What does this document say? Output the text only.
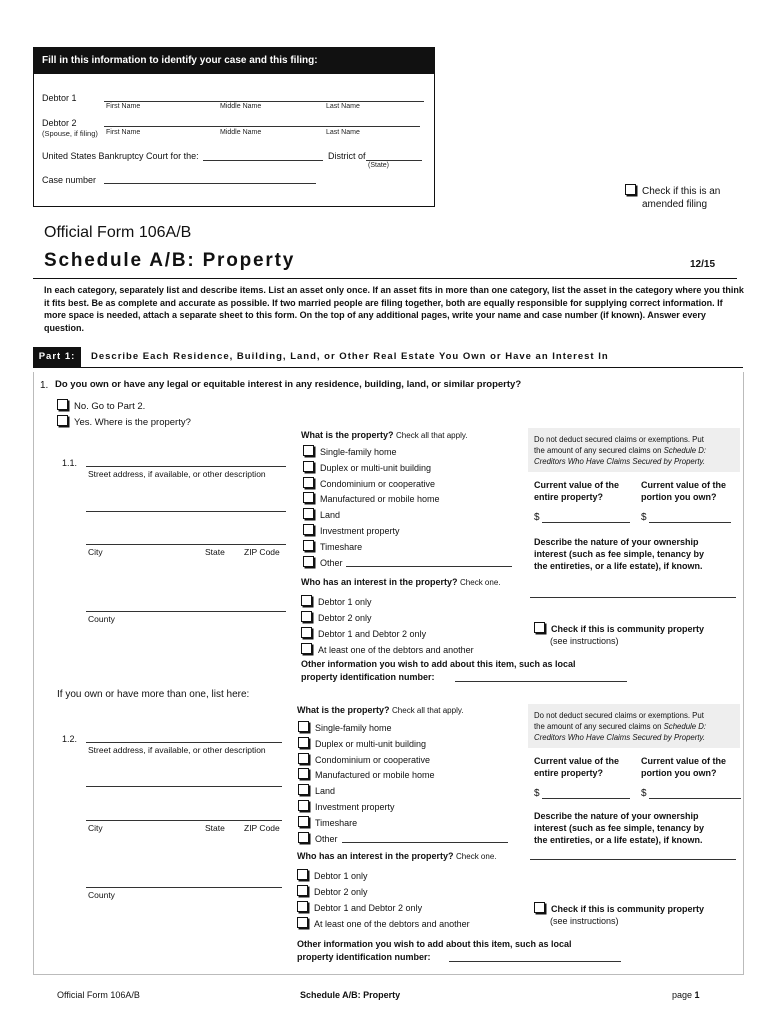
Fill in this information to identify your case and this filing:
Debtor 1
First Name	Middle Name	Last Name
Debtor 2
(Spouse, if filing) First Name	Middle Name	Last Name
United States Bankruptcy Court for the:	District of
(State)
Case number
Check if this is an
amended filing
Official Form 106A/B
Schedule A/B: Property	12/15
In each category, separately list and describe items. List an asset only once. If an asset fits in more than one category, list the asset in the category where you think it fits best. Be as complete and accurate as possible. If two married people are filing together, both are equally responsible for supplying correct information. If more space is needed, attach a separate sheet to this form. On the top of any additional pages, write your name and case number (if known). Answer every question.
Part 1:	Describe Each Residence, Building, Land, or Other Real Estate You Own or Have an Interest In
1. Do you own or have any legal or equitable interest in any residence, building, land, or similar property?
No. Go to Part 2.
Yes. Where is the property?
1.1.
Street address, if available, or other description
City	State ZIP Code
County
What is the property? Check all that apply.
Single-family home
Duplex or multi-unit building
Condominium or cooperative
Manufactured or mobile home
Land
Investment property
Timeshare
Other
Who has an interest in the property? Check one.
Debtor 1 only
Debtor 2 only
Debtor 1 and Debtor 2 only
At least one of the debtors and another
Other information you wish to add about this item, such as local
property identification number:
Do not deduct secured claims or exemptions. Put
the amount of any secured claims on Schedule D:
Creditors Who Have Claims Secured by Property.
Current value of the
entire property?
Current value of the
portion you own?
$	$
Describe the nature of your ownership
interest (such as fee simple, tenancy by
the entireties, or a life estate), if known.
Check if this is community property
(see instructions)
If you own or have more than one, list here:
1.2.
Street address, if available, or other description
City	State ZIP Code
County
What is the property? Check all that apply.
Single-family home
Duplex or multi-unit building
Condominium or cooperative
Manufactured or mobile home
Land
Investment property
Timeshare
Other
Who has an interest in the property? Check one.
Debtor 1 only
Debtor 2 only
Debtor 1 and Debtor 2 only
At least one of the debtors and another
Other information you wish to add about this item, such as local
property identification number:
Do not deduct secured claims or exemptions. Put
the amount of any secured claims on Schedule D:
Creditors Who Have Claims Secured by Property.
Current value of the
entire property?
Current value of the
portion you own?
$	$
Describe the nature of your ownership
interest (such as fee simple, tenancy by
the entireties, or a life estate), if known.
Check if this is community property
(see instructions)
Official Form 106A/B	Schedule A/B: Property	page 1
